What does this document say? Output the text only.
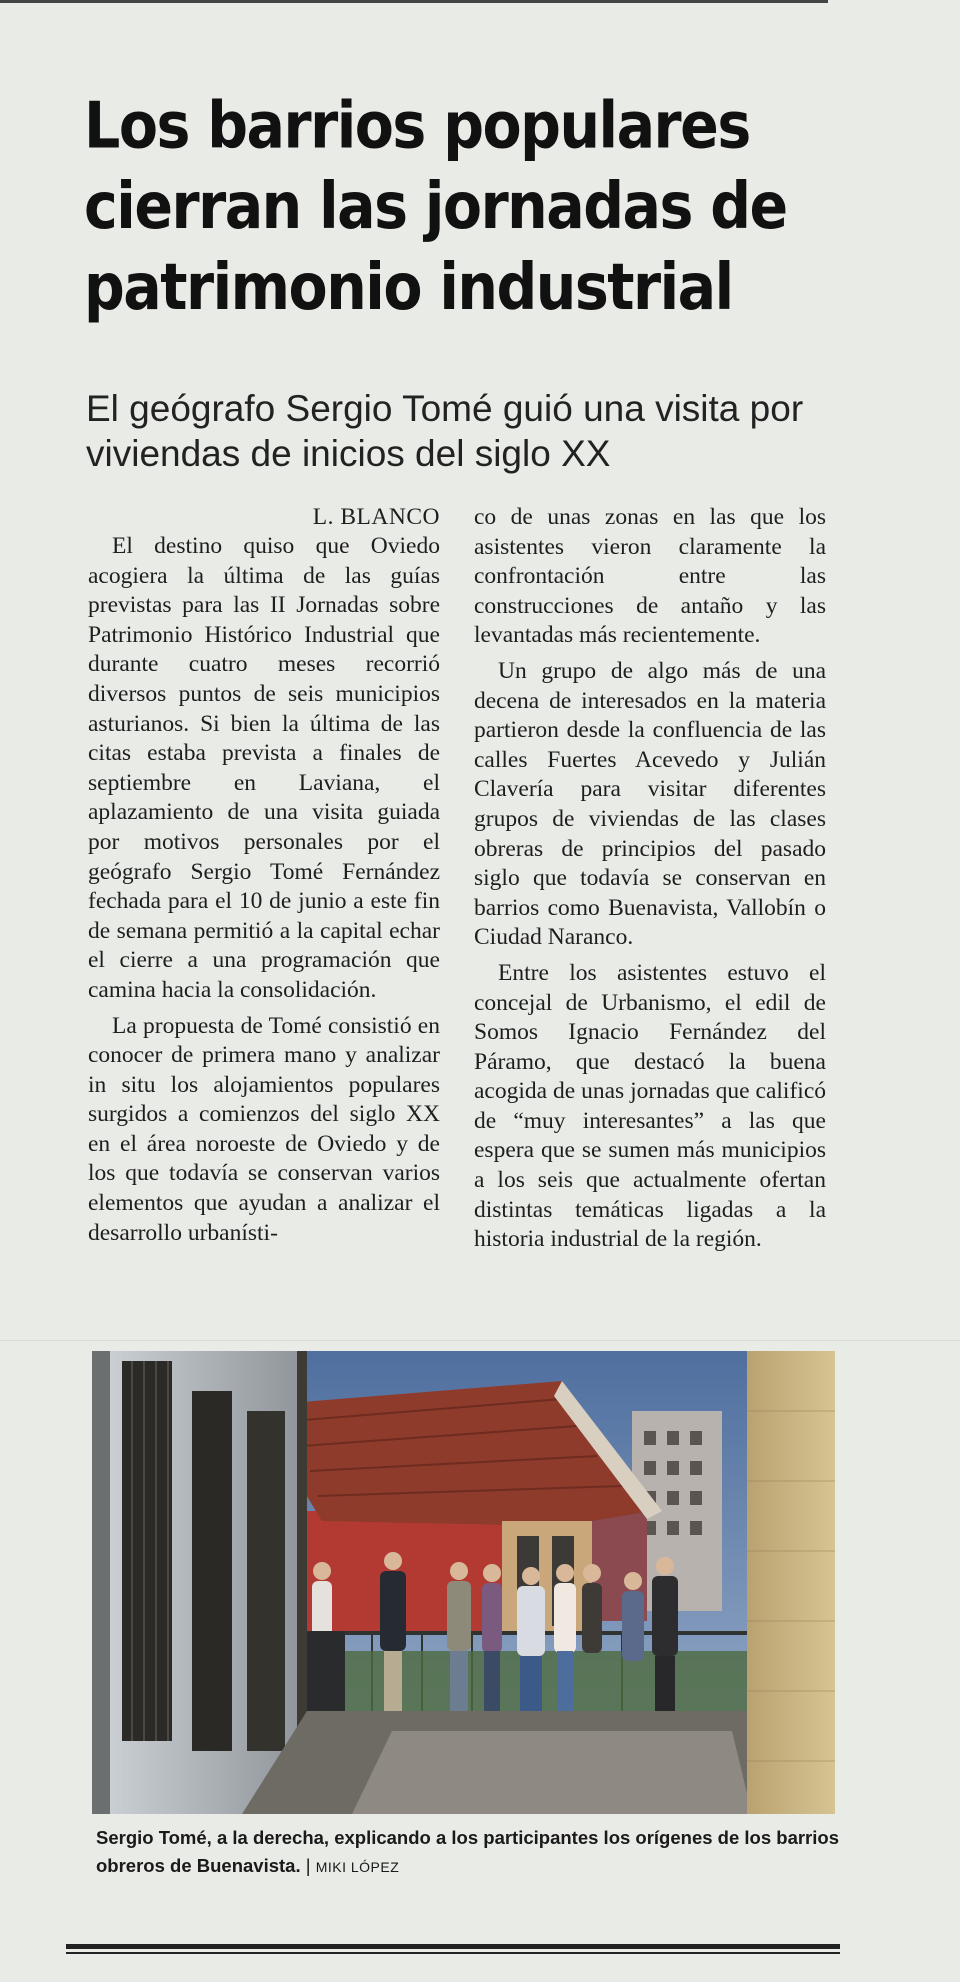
Los barrios populares cierran las jornadas de patrimonio industrial
El geógrafo Sergio Tomé guió una visita por viviendas de inicios del siglo XX
L. BLANCO

El destino quiso que Oviedo acogiera la última de las guías previstas para las II Jornadas sobre Patrimonio Histórico Industrial que durante cuatro meses recorrió diversos puntos de seis municipios asturianos. Si bien la última de las citas estaba prevista a finales de septiembre en Laviana, el aplazamiento de una visita guiada por motivos personales por el geógrafo Sergio Tomé Fernández fechada para el 10 de junio a este fin de semana permitió a la capital echar el cierre a una programación que camina hacia la consolidación.

La propuesta de Tomé consistió en conocer de primera mano y analizar in situ los alojamientos populares surgidos a comienzos del siglo XX en el área noroeste de Oviedo y de los que todavía se conservan varios elementos que ayudan a analizar el desarrollo urbanísti-

co de unas zonas en las que los asistentes vieron claramente la confrontación entre las construcciones de antaño y las levantadas más recientemente.

Un grupo de algo más de una decena de interesados en la materia partieron desde la confluencia de las calles Fuertes Acevedo y Julián Clavería para visitar diferentes grupos de viviendas de las clases obreras de principios del pasado siglo que todavía se conservan en barrios como Buenavista, Vallobín o Ciudad Naranco.

Entre los asistentes estuvo el concejal de Urbanismo, el edil de Somos Ignacio Fernández del Páramo, que destacó la buena acogida de unas jornadas que calificó de “muy interesantes” a las que espera que se sumen más municipios a los seis que actualmente ofertan distintas temáticas ligadas a la historia industrial de la región.

Sergio Tomé, a la derecha, explicando a los participantes los orígenes de los barrios obreros de Buenavista. | MIKI LÓPEZ
